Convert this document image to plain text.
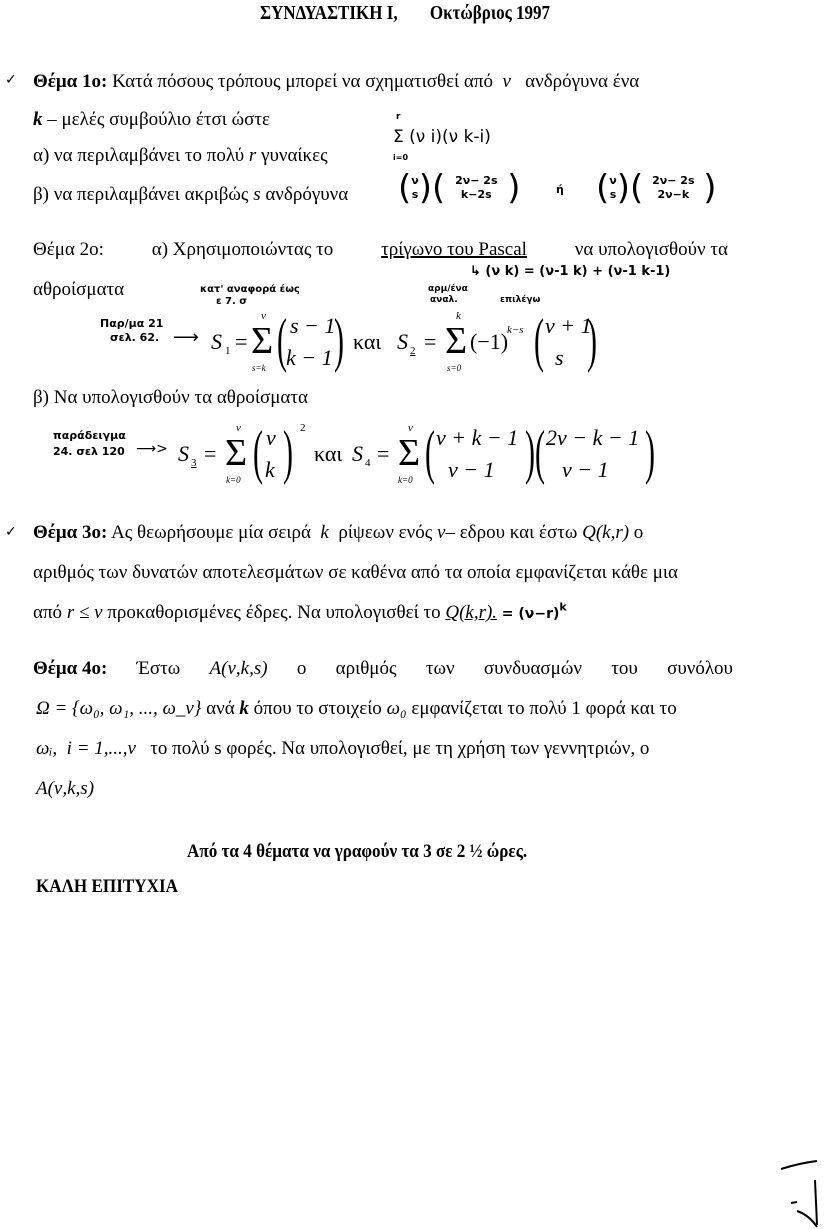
ΣΥΝΔΥΑΣΤΙΚΗ Ι, Οκτώβριος 1997
✓ Θέμα 1ο: Κατά πόσους τρόπους μπορεί να σχηματισθεί από ν ανδρόγυνα ένα
k – μελές συμβούλιο έτσι ώστε
α) να περιλαμβάνει το πολύ r γυναίκες
β) να περιλαμβάνει ακριβώς s ανδρόγυνα
r
i=0
Σ (ν i)(ν k-i)
( ν
s )( 2ν− 2s
k−2s )	ή ( ν
s )( 2ν− 2s
2ν−k )
Θέμα 2ο:	α) Χρησιμοποιώντας το	τρίγωνο του Pascal	να υπολογισθούν τα
αθροίσματα
↳ (ν k) = (ν-1 k) + (ν-1 k-1)
Παρ/μα 21
σελ. 62.
κατ' αναφορά έως
ε 7. σ
αρμ/ένα
αναλ.	επιλέγω
⟶ S 1 =
ν
Σ
s=k ( s − 1
k − 1 ) και S 2 =
k
Σ
s=0
(−1)
k−s ( ν + 1
s )
β) Να υπολογισθούν τα αθροίσματα
παράδειγμα
24. σελ 120 ⟶> S 3 =
ν
Σ
k=0 ( ν
k ) 2
και S 4 =
ν
Σ
k=0 ( ν + k − 1
ν − 1 ) ( 2ν − k − 1
ν − 1 )
✓ Θέμα 3ο: Ας θεωρήσουμε μία σειρά k ρίψεων ενός ν– εδρου και έστω Q(k,r) ο
αριθμός των δυνατών αποτελεσμάτων σε καθένα από τα οποία εμφανίζεται κάθε μια
από r ≤ ν προκαθορισμένες έδρες. Να υπολογισθεί το Q(k,r). = $(\nu-r)^k$
Θέμα 4ο: Έστω A(ν,k,s) ο αριθμός των συνδυασμών του συνόλου
Ω = {ω₀, ω₁, ..., ω_ν} ανά k όπου το στοιχείο ω₀ εμφανίζεται το πολύ 1 φορά και το
ωᵢ, i = 1,...,ν το πολύ s φορές. Να υπολογισθεί, με τη χρήση των γεννητριών, ο
A(ν,k,s)
Από τα 4 θέματα να γραφούν τα 3 σε 2 ½ ώρες.
ΚΑΛΗ ΕΠΙΤΥΧΙΑ
